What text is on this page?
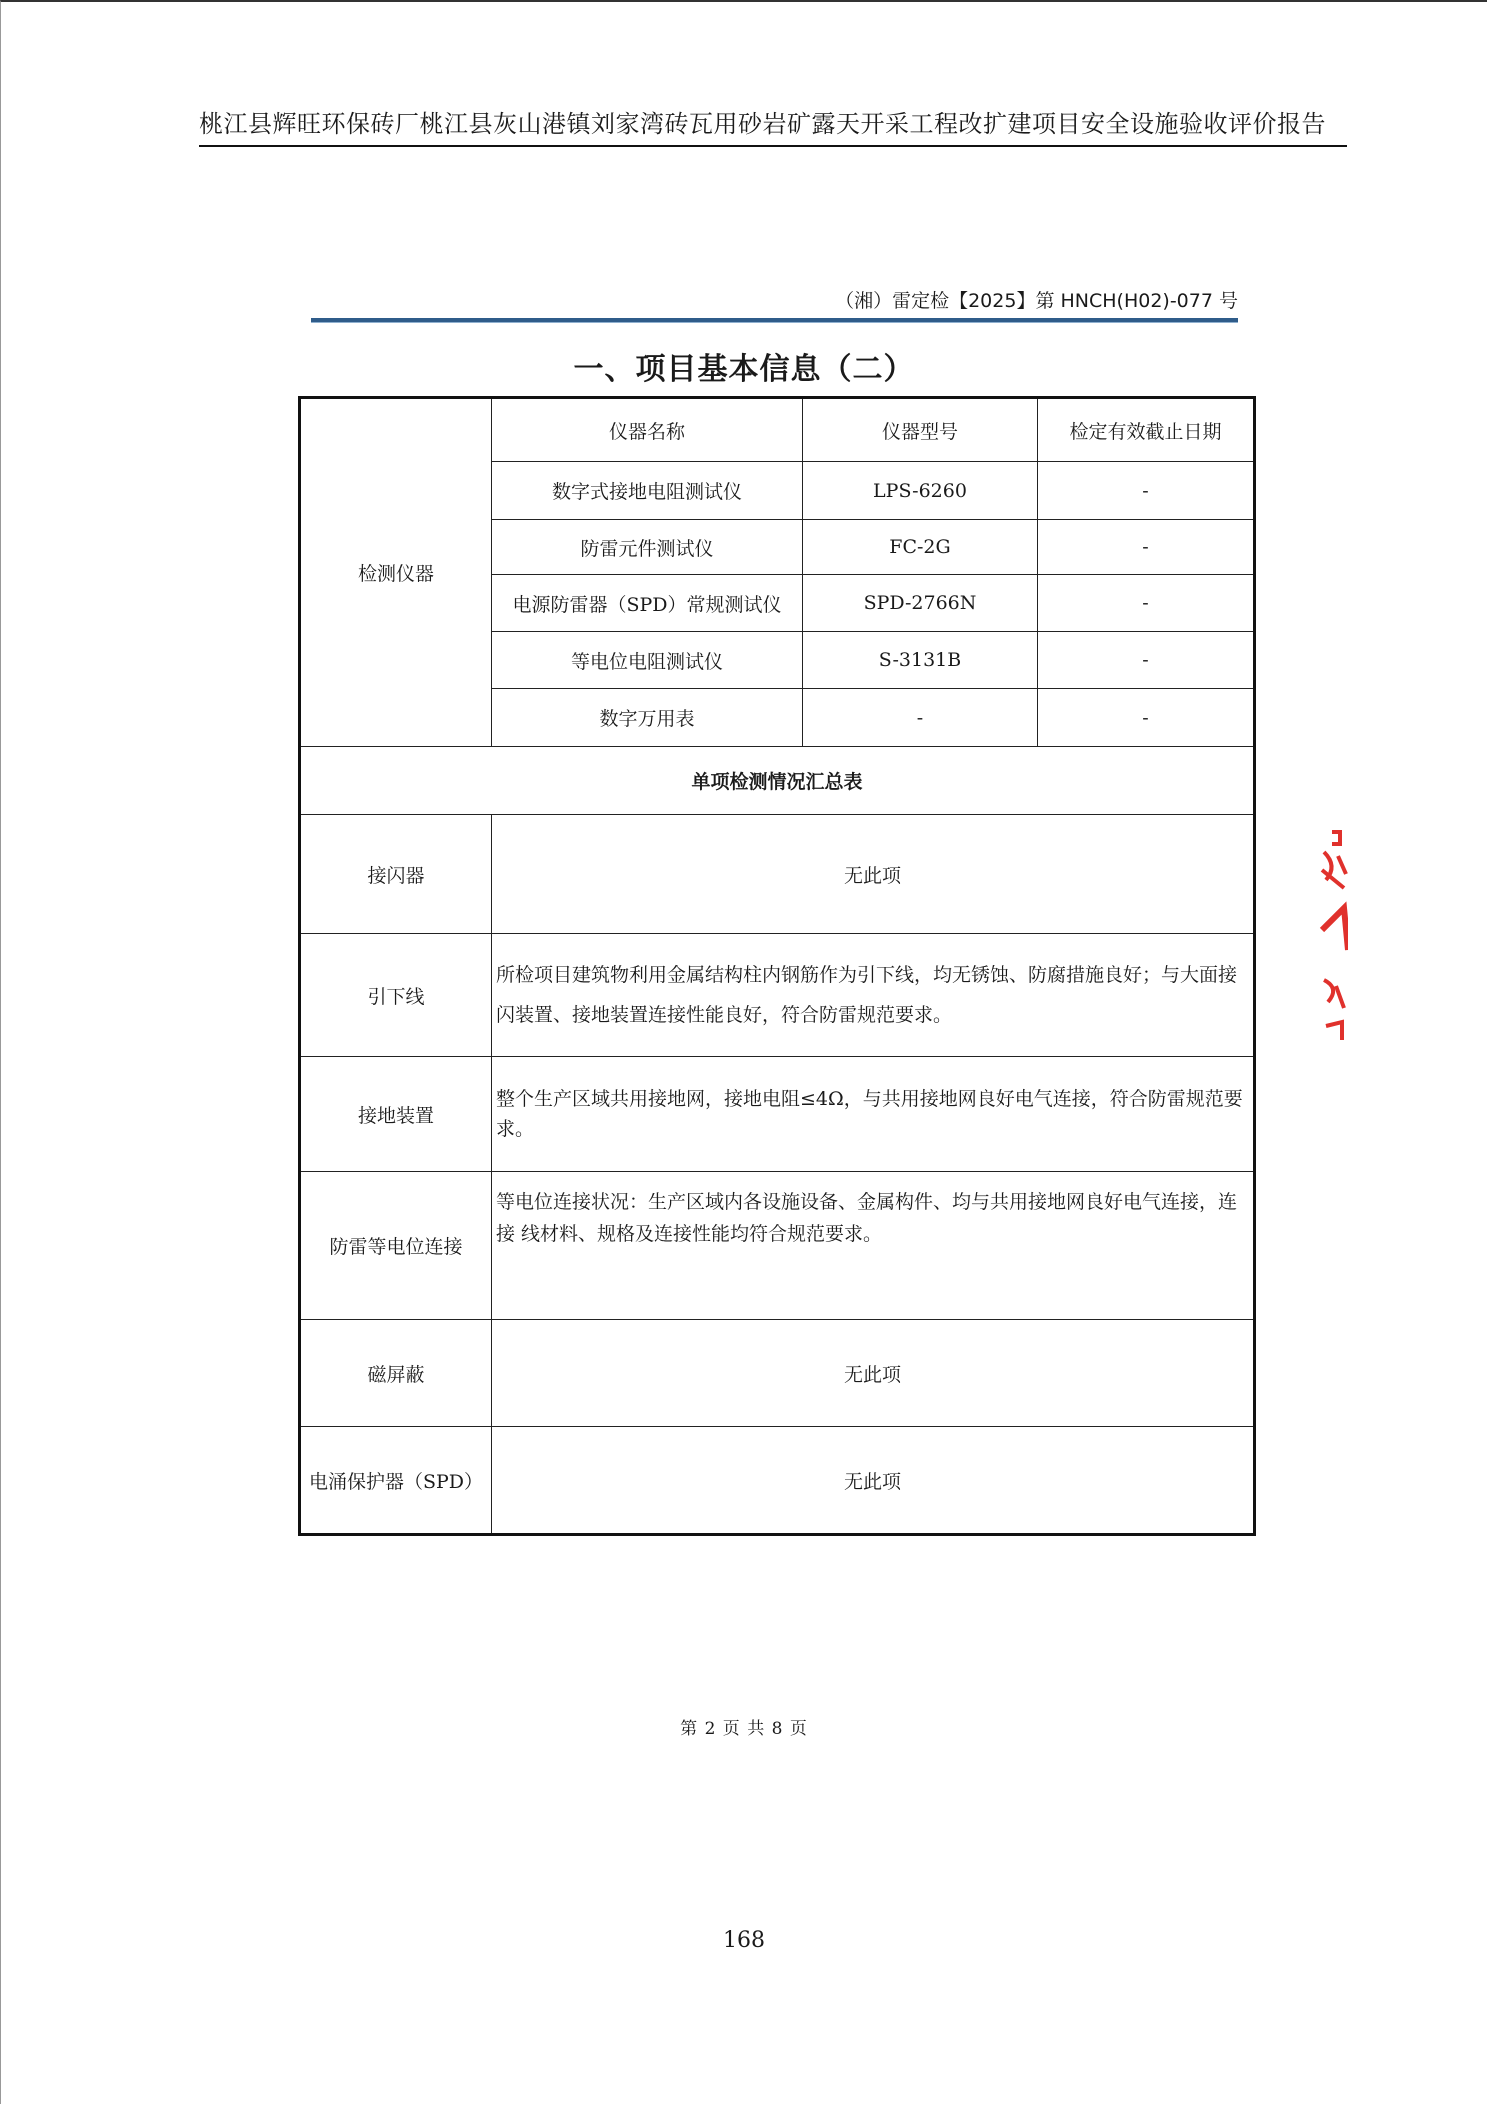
桃江县辉旺环保砖厂桃江县灰山港镇刘家湾砖瓦用砂岩矿露天开采工程改扩建项目安全设施验收评价报告
（湘）雷定检【2025】第 HNCH(H02)-077 号
一、项目基本信息（二）
检测仪器	仪器名称	仪器型号	检定有效截止日期
	数字式接地电阻测试仪	LPS-6260	-
	防雷元件测试仪	FC-2G	-
	电源防雷器（SPD）常规测试仪	SPD-2766N	-
	等电位电阻测试仪	S-3131B	-
	数字万用表	-	-
单项检测情况汇总表			
接闪器	无此项		
引下线	所检项目建筑物利用金属结构柱内钢筋作为引下线，均无锈蚀、防腐措施良好；与大面接闪装置、接地装置连接性能良好，符合防雷规范要求。		
接地装置	整个生产区域共用接地网，接地电阻≤4Ω，与共用接地网良好电气连接，符合防雷规范要求。		
防雷等电位连接	等电位连接状况：生产区域内各设施设备、金属构件、均与共用接地网良好电气连接，连接 线材料、规格及连接性能均符合规范要求。		
磁屏蔽	无此项		
电涌保护器（SPD）	无此项		
第 2 页 共 8 页
168
